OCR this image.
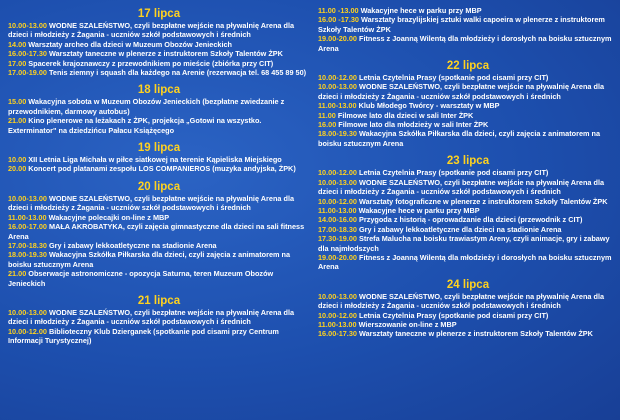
17 lipca

10.00-13.00 WODNE SZALEŃSTWO, czyli bezpłatne wejście na pływalnię Arena dla dzieci i młodzieży z Żagania - uczniów szkół podstawowych i średnich

14.00 Warsztaty archeo dla dzieci w Muzeum Obozów Jenieckich

16.00-17.30 Warsztaty taneczne w plenerze z instruktorem Szkoły Talentów ŻPK

17.00 Spacerek krajoznawczy z przewodnikiem po mieście (zbiórka przy CIT)

17.00-19.00 Tenis ziemny i squash dla każdego na Arenie (rezerwacja tel. 68 455 89 50)

18 lipca

15.00 Wakacyjna sobota w Muzeum Obozów Jenieckich (bezpłatne zwiedzanie z przewodnikiem, darmowy autobus)

21.00 Kino plenerowe na leżakach z ŻPK, projekcja „Gotowi na wszystko. Exterminator" na dziedzińcu Pałacu Książęcego

19 lipca

10.00 XII Letnia Liga Michała w piłce siatkowej na terenie Kąpieliska Miejskiego

20.00 Koncert pod platanami zespołu LOS COMPANIEROS (muzyka andyjska, ŻPK)

20 lipca

10.00-13.00 WODNE SZALEŃSTWO, czyli bezpłatne wejście na pływalnię Arena dla dzieci i młodzieży z Żagania - uczniów szkół podstawowych i średnich

11.00-13.00 Wakacyjne polecajki on-line z MBP

16.00-17.00 MAŁA AKROBATYKA, czyli zajęcia gimnastyczne dla dzieci na sali fitness Arena

17.00-18.30 Gry i zabawy lekkoatletyczne na stadionie Arena

18.00-19.30 Wakacyjna Szkółka Piłkarska dla dzieci, czyli zajęcia z animatorem na boisku sztucznym Arena

21.00 Obserwacje astronomiczne - opozycja Saturna, teren Muzeum Obozów Jenieckich

21 lipca

10.00-13.00 WODNE SZALEŃSTWO, czyli bezpłatne wejście na pływalnię Arena dla dzieci i młodzieży z Żagania - uczniów szkół podstawowych i średnich

10.00-12.00 Biblioteczny Klub Dzierganek (spotkanie pod cisami przy Centrum Informacji Turystycznej)

11.00 -13.00 Wakacyjne hece w parku przy MBP

16.00 -17.30 Warsztaty brazylijskiej sztuki walki capoeira w plenerze z instruktorem Szkoły Talentów ŻPK

19.00-20.00 Fitness z Joanną Wilentą dla młodzieży i dorosłych na boisku sztucznym Arena

22 lipca

10.00-12.00 Letnia Czytelnia Prasy (spotkanie pod cisami przy CIT)

10.00-13.00 WODNE SZALEŃSTWO, czyli bezpłatne wejście na pływalnię Arena dla dzieci i młodzieży z Żagania - uczniów szkół podstawowych i średnich

11.00-13.00 Klub Młodego Twórcy - warsztaty w MBP

11.00 Filmowe lato dla dzieci w sali Inter ŻPK

16.00 Filmowe lato dla młodzieży w sali Inter ŻPK

18.00-19.30 Wakacyjna Szkółka Piłkarska dla dzieci, czyli zajęcia z animatorem na boisku sztucznym Arena

23 lipca

10.00-12.00 Letnia Czytelnia Prasy (spotkanie pod cisami przy CIT)

10.00-13.00 WODNE SZALEŃSTWO, czyli bezpłatne wejście na pływalnię Arena dla dzieci i młodzieży z Żagania - uczniów szkół podstawowych i średnich

10.00-12.00 Warsztaty fotograficzne w plenerze z instruktorem Szkoły Talentów ŻPK

11.00-13.00 Wakacyjne hece w parku przy MBP

14.00-16.00 Przygoda z historią - oprowadzanie dla dzieci (przewodnik z CIT)

17.00-18.30 Gry i zabawy lekkoatletyczne dla dzieci na stadionie Arena

17.30-19.00 Strefa Malucha na boisku trawiastym Areny, czyli animacje, gry i zabawy dla najmłodszych

19.00-20.00 Fitness z Joanną Wilentą dla młodzieży i dorosłych na boisku sztucznym Arena

24 lipca

10.00-13.00 WODNE SZALEŃSTWO, czyli bezpłatne wejście na pływalnię Arena dla dzieci i młodzieży z Żagania - uczniów szkół podstawowych i średnich

10.00-12.00 Letnia Czytelnia Prasy (spotkanie pod cisami przy CIT)

11.00-13.00 Wierszowanie on-line z MBP

16.00-17.30 Warsztaty taneczne w plenerze z instruktorem Szkoły Talentów ŻPK
